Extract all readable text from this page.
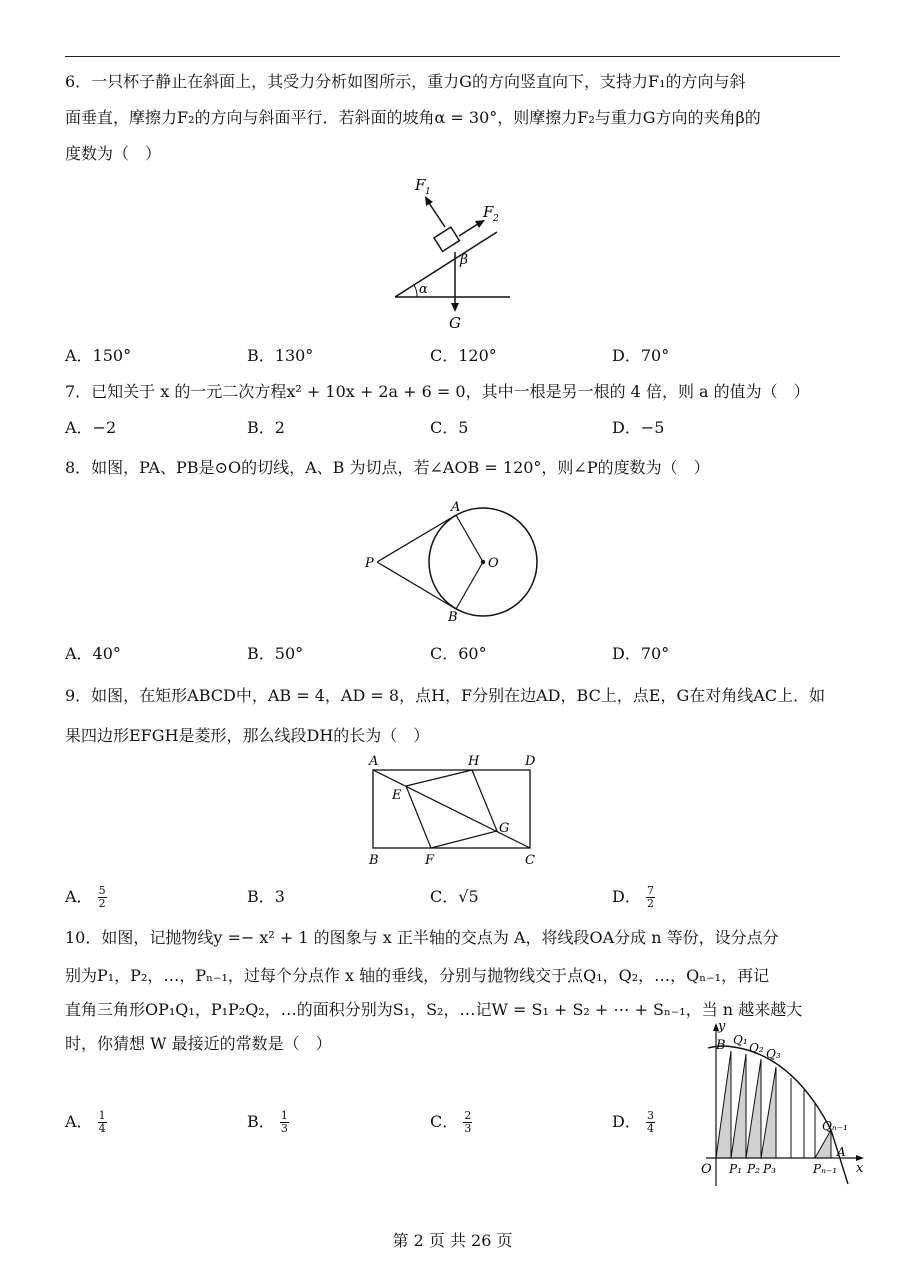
6．一只杯子静止在斜面上，其受力分析如图所示，重力G的方向竖直向下，支持力F₁的方向与斜
面垂直，摩擦力F₂的方向与斜面平行．若斜面的坡角α = 30°，则摩擦力F₂与重力G方向的夹角β的
度数为（　）
F 1
F 2
β
α
G
A．150°	B．130°	C．120°	D．70°
7．已知关于 x 的一元二次方程x² + 10x + 2a + 6 = 0，其中一根是另一根的 4 倍，则 a 的值为（　）
A．−2	B．2	C．5	D．−5
8．如图，PA、PB是⊙O的切线，A、B 为切点，若∠AOB = 120°，则∠P的度数为（　）
A
B
P	O
A．40°	B．50°	C．60°	D．70°
9．如图，在矩形ABCD中，AB = 4，AD = 8，点H，F分别在边AD，BC上，点E，G在对角线AC上．如
果四边形EFGH是菱形，那么线段DH的长为（　）
A	H	D
E
G
B	F	C
A． $\frac{5}{2}$	B．3	C．√5	D． $\frac{7}{2}$
10．如图，记抛物线y =− x² + 1 的图象与 x 正半轴的交点为 A，将线段OA分成 n 等份，设分点分
别为P₁，P₂，…，Pₙ₋₁，过每个分点作 x 轴的垂线，分别与抛物线交于点Q₁，Q₂，…，Qₙ₋₁，再记
直角三角形OP₁Q₁，P₁P₂Q₂，…的面积分别为S₁，S₂，…记W = S₁ + S₂ + ⋯ + Sₙ₋₁，当 n 越来越大
时，你猜想 W 最接近的常数是（　）
A． $\frac{1}{4}$	B． $\frac{1}{3}$	C． $\frac{2}{3}$	D． $\frac{3}{4}$
y
x
B Q₁
Q₂ Q₃
Qₙ₋₁
A
O P₁ P₂ P₃	Pₙ₋₁
第 2 页 共 26 页
